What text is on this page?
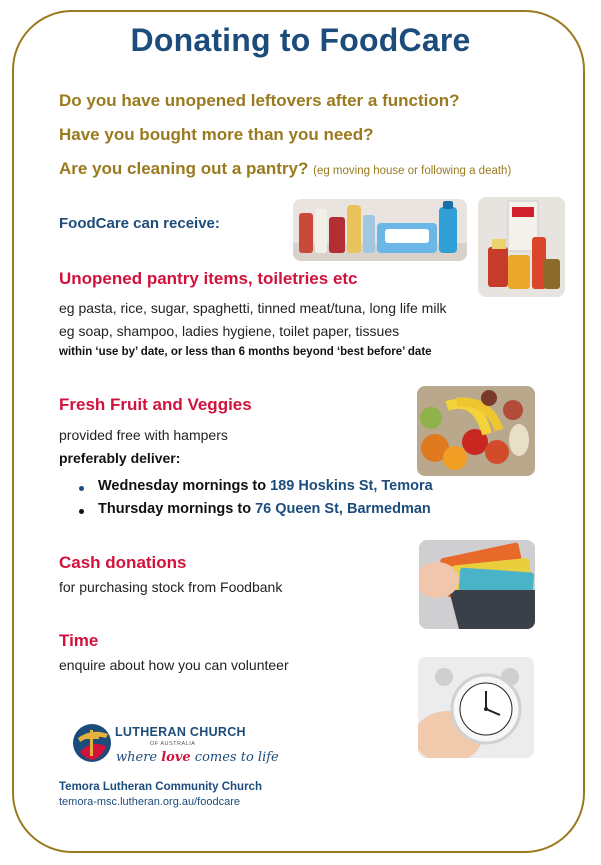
Donating to FoodCare
Do you have unopened leftovers after a function?
Have you bought more than you need?
Are you cleaning out a pantry? (eg moving house or following a death)
FoodCare can receive:
Unopened pantry items, toiletries etc
eg pasta, rice, sugar, spaghetti, tinned meat/tuna, long life milk
eg soap, shampoo, ladies hygiene, toilet paper, tissues
within ‘use by’ date, or less than 6 months beyond ‘best before’ date
Fresh Fruit and Veggies
provided free with hampers
preferably deliver:
Wednesday mornings to 189 Hoskins St, Temora
Thursday mornings to 76 Queen St, Barmedman
Cash donations
for purchasing stock from Foodbank
Time
enquire about how you can volunteer
LUTHERAN CHURCH
OF AUSTRALIA
where love comes to life
Temora Lutheran Community Church
temora-msc.lutheran.org.au/foodcare
